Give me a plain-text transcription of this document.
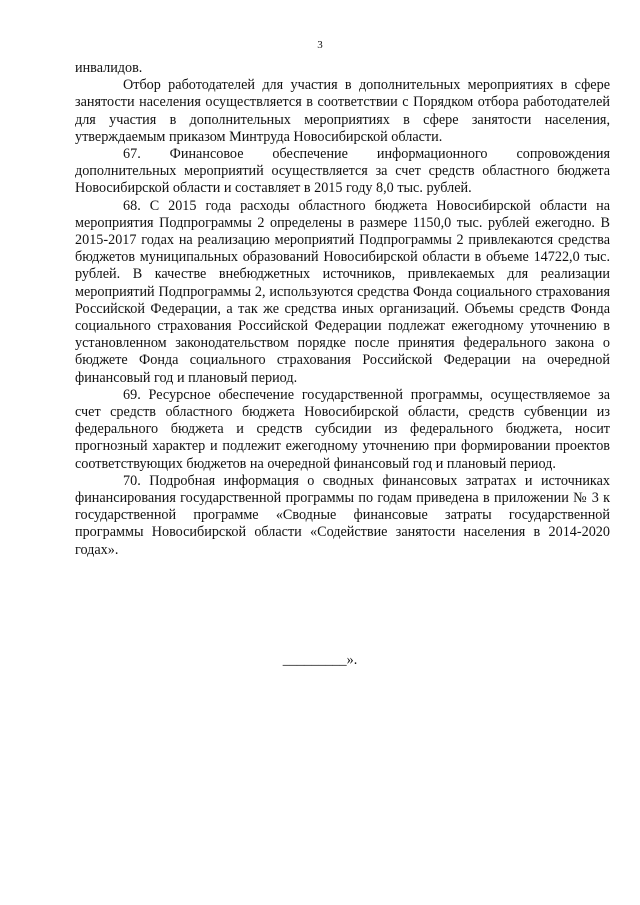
3

инвалидов.

Отбор работодателей для участия в дополнительных мероприятиях в сфере занятости населения осуществляется в соответствии с Порядком отбора работодателей для участия в дополнительных мероприятиях в сфере занятости населения, утверждаемым приказом Минтруда Новосибирской области.

67. Финансовое обеспечение информационного сопровождения дополнительных мероприятий осуществляется за счет средств областного бюджета Новосибирской области и составляет в 2015 году 8,0 тыс. рублей.

68. С 2015 года расходы областного бюджета Новосибирской области на мероприятия Подпрограммы 2 определены в размере 1150,0 тыс. рублей ежегодно. В 2015-2017 годах на реализацию мероприятий Подпрограммы 2 привлекаются средства бюджетов муниципальных образований Новосибирской области в объеме 14722,0 тыс. рублей. В качестве внебюджетных источников, привлекаемых для реализации мероприятий Подпрограммы 2, используются средства Фонда социального страхования Российской Федерации, а так же средства иных организаций. Объемы средств Фонда социального страхования Российской Федерации подлежат ежегодному уточнению в установленном законодательством порядке после принятия федерального закона о бюджете Фонда социального страхования Российской Федерации на очередной финансовый год и плановый период.

69. Ресурсное обеспечение государственной программы, осуществляемое за счет средств областного бюджета Новосибирской области, средств субвенции из федерального бюджета и средств субсидии из федерального бюджета, носит прогнозный характер и подлежит ежегодному уточнению при формировании проектов соответствующих бюджетов на очередной финансовый год и плановый период.

70. Подробная информация о сводных финансовых затратах и источниках финансирования государственной программы по годам приведена в приложении № 3 к государственной программе «Сводные финансовые затраты государственной программы Новосибирской области «Содействие занятости населения в 2014-2020 годах».

_________».
